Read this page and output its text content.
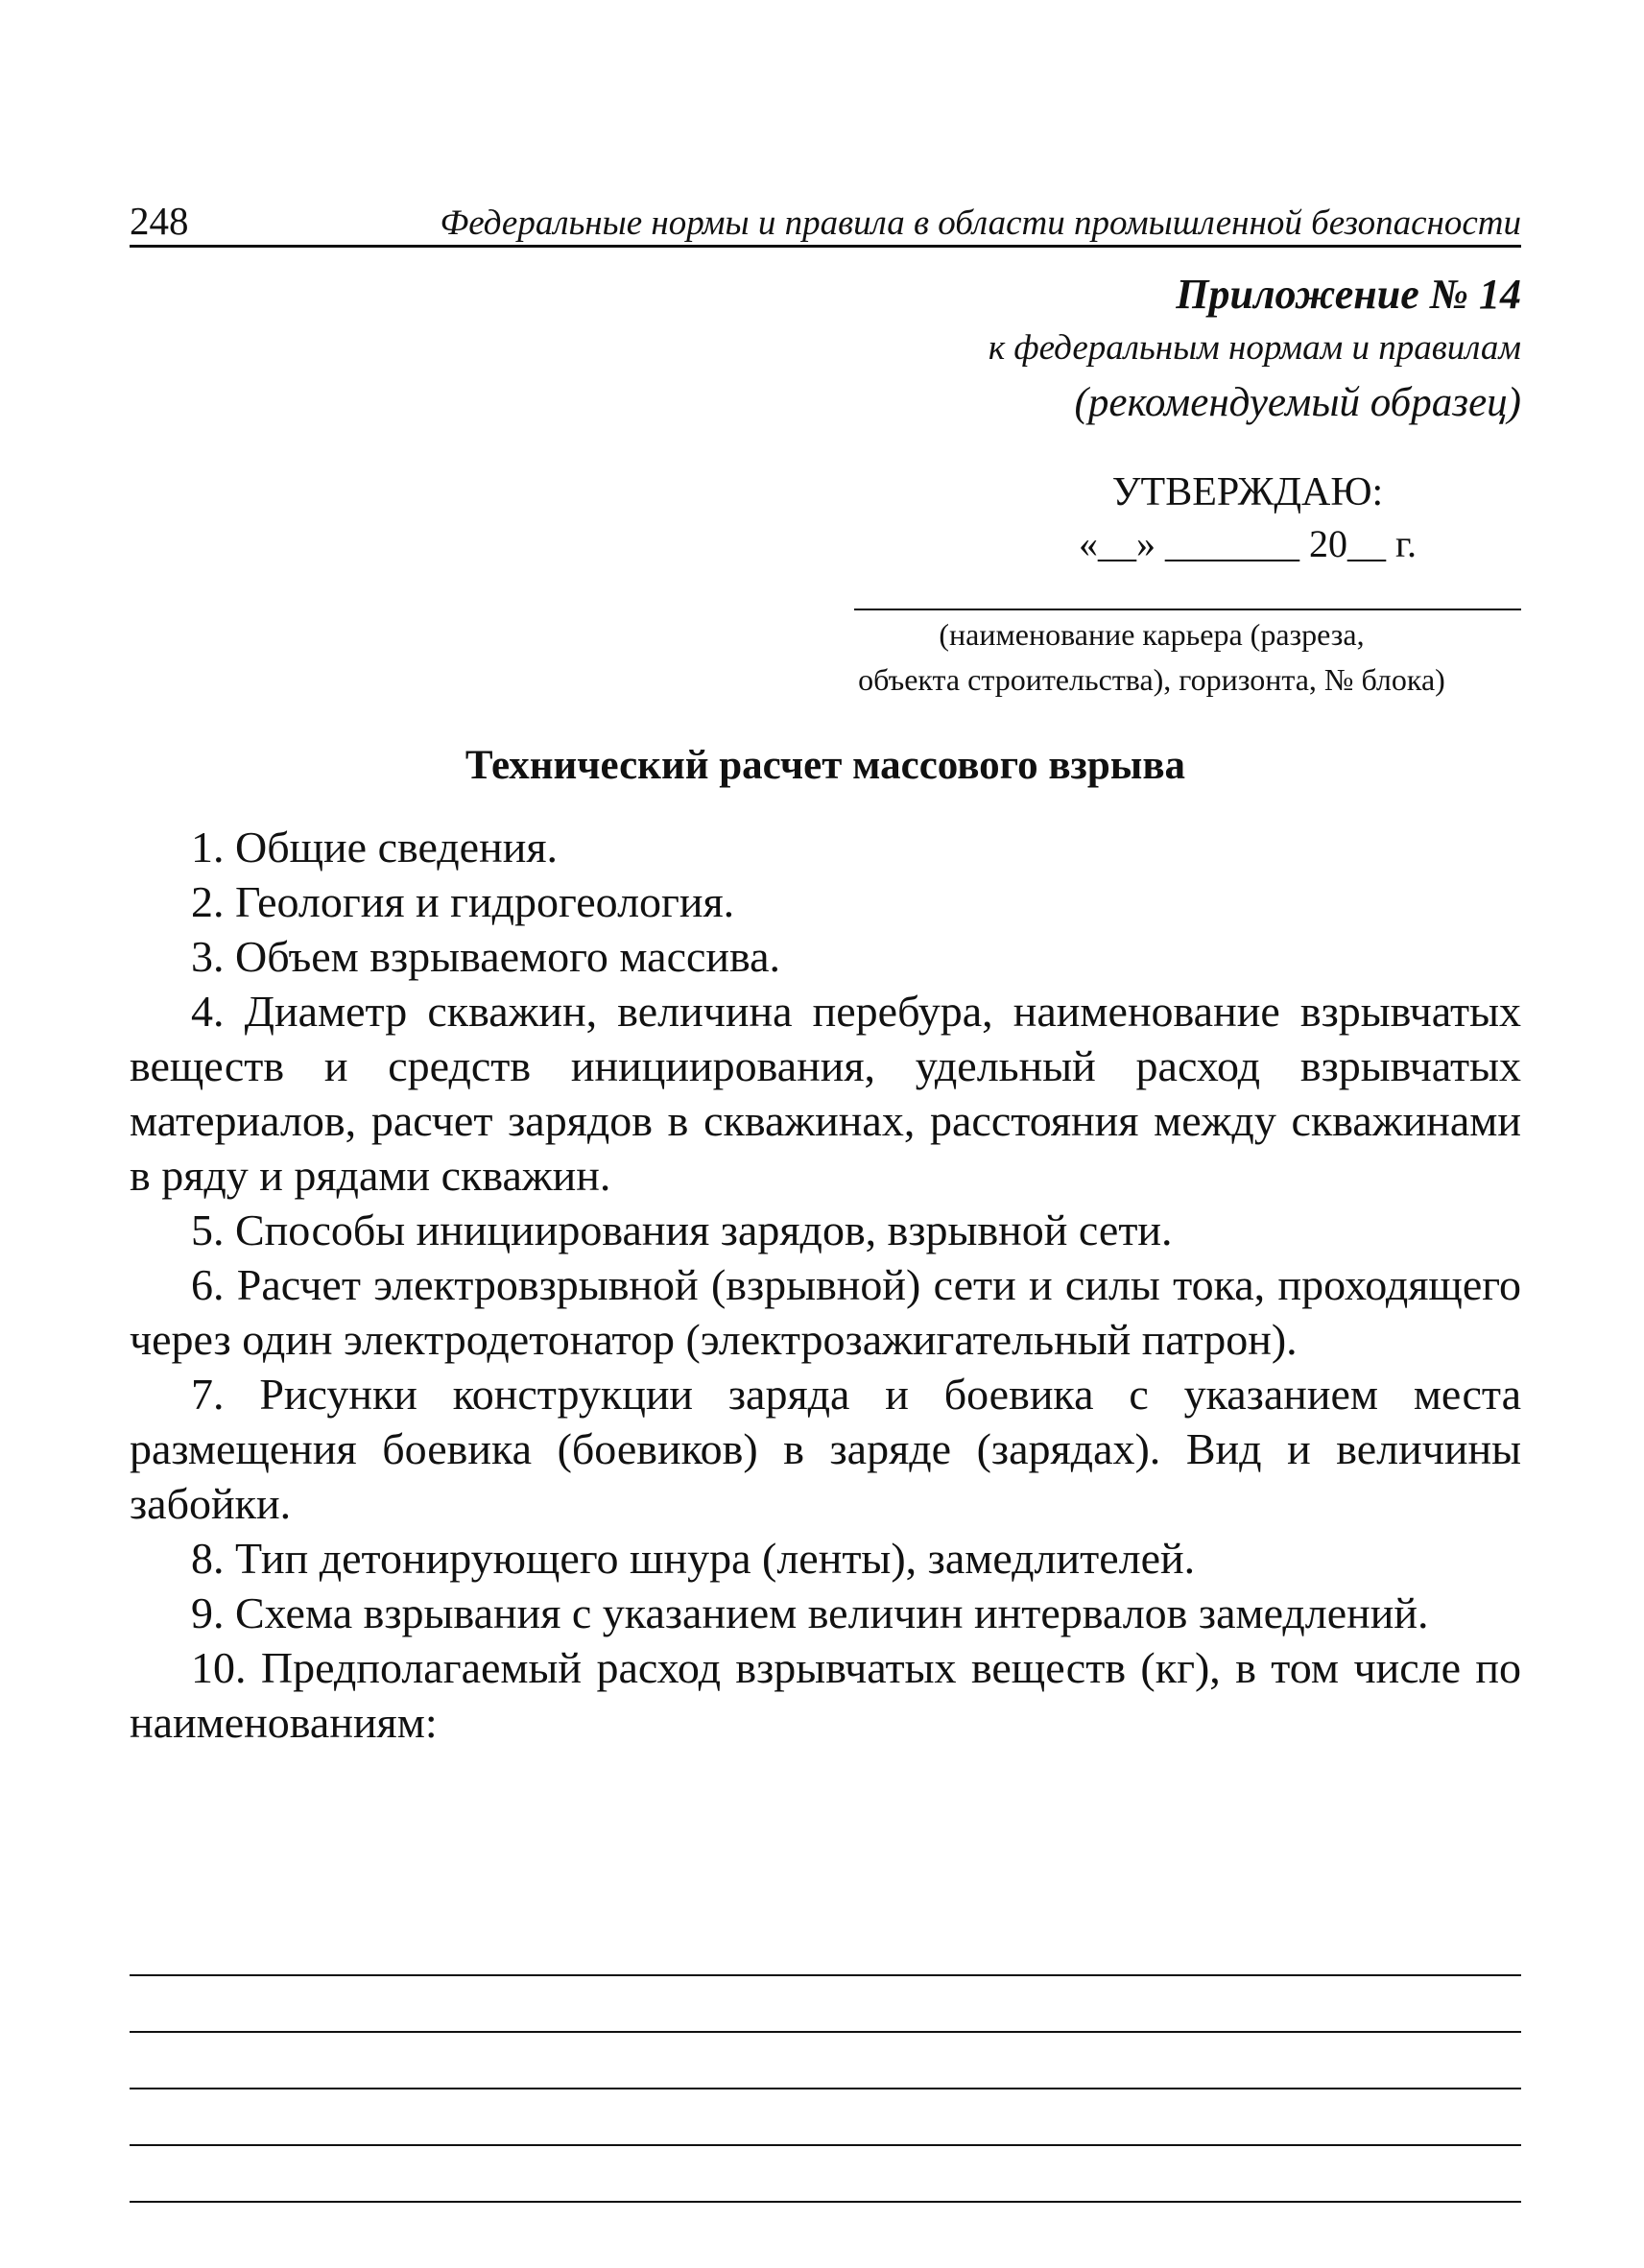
248	Федеральные нормы и правила в области промышленной безопасности

Приложение № 14

к федеральным нормам и правилам

(рекомендуемый образец)

УТВЕРЖДАЮ:

«__» _______ 20__ г.

(наименование карьера (разреза,
объекта строительства), горизонта, № блока)
Технический расчет массового взрыва
1. Общие сведения.
2. Геология и гидрогеология.
3. Объем взрываемого массива.
4. Диаметр скважин, величина перебура, наименование взрывчатых веществ и средств инициирования, удельный расход взрывчатых материалов, расчет зарядов в скважинах, расстояния между скважинами в ряду и рядами скважин.
5. Способы инициирования зарядов, взрывной сети.
6. Расчет электровзрывной (взрывной) сети и силы тока, проходящего через один электродетонатор (электрозажигательный патрон).
7. Рисунки конструкции заряда и боевика с указанием места размещения боевика (боевиков) в заряде (зарядах). Вид и величины забойки.
8. Тип детонирующего шнура (ленты), замедлителей.
9. Схема взрывания с указанием величин интервалов замедлений.
10. Предполагаемый расход взрывчатых веществ (кг), в том числе по наименованиям:
